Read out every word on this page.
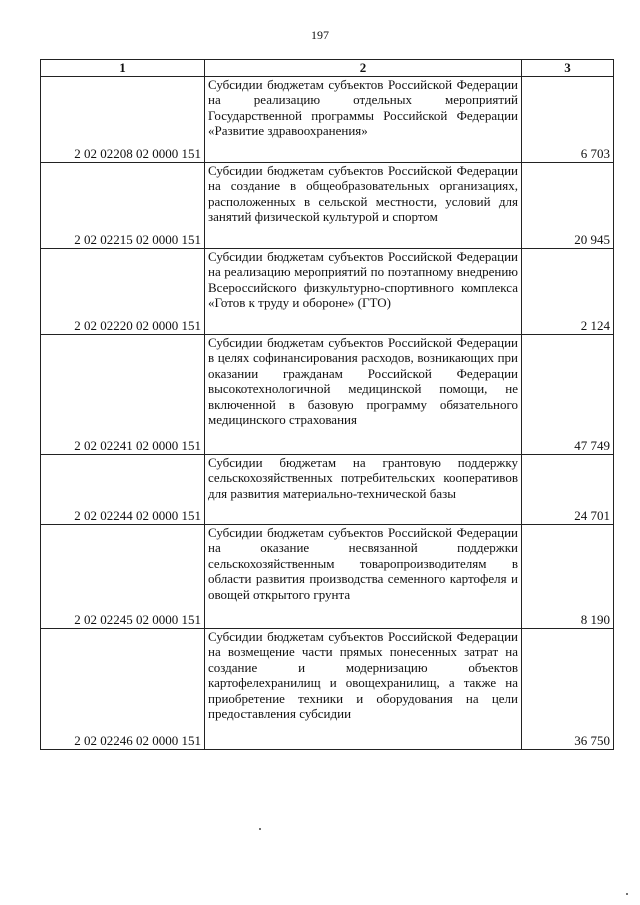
197
1	2	3
2 02 02208 02 0000 151	Субсидии бюджетам субъектов Российской Федерации на реализацию отдельных мероприятий Государственной программы Российской Федерации «Развитие здравоохранения»	6 703
2 02 02215 02 0000 151	Субсидии бюджетам субъектов Российской Федерации на создание в общеобразовательных организациях, расположенных в сельской местности, условий для занятий физической культурой и спортом	20 945
2 02 02220 02 0000 151	Субсидии бюджетам субъектов Российской Федерации на реализацию мероприятий по поэтапному внедрению Всероссийского физкультурно-спортивного комплекса «Готов к труду и обороне» (ГТО)	2 124
2 02 02241 02 0000 151	Субсидии бюджетам субъектов Российской Федерации в целях софинансирования расходов, возникающих при оказании гражданам Российской Федерации высокотехнологичной медицинской помощи, не включенной в базовую программу обязательного медицинского страхования	47 749
2 02 02244 02 0000 151	Субсидии бюджетам на грантовую поддержку сельскохозяйственных потребительских кооперативов для развития материально-технической базы	24 701
2 02 02245 02 0000 151	Субсидии бюджетам субъектов Российской Федерации на оказание несвязанной поддержки сельскохозяйственным товаропроизводителям в области развития производства семенного картофеля и овощей открытого грунта	8 190
2 02 02246 02 0000 151	Субсидии бюджетам субъектов Российской Федерации на возмещение части прямых понесенных затрат на создание и модернизацию объектов картофелехранилищ и овощехранилищ, а также на приобретение техники и оборудования на цели предоставления субсидии	36 750
